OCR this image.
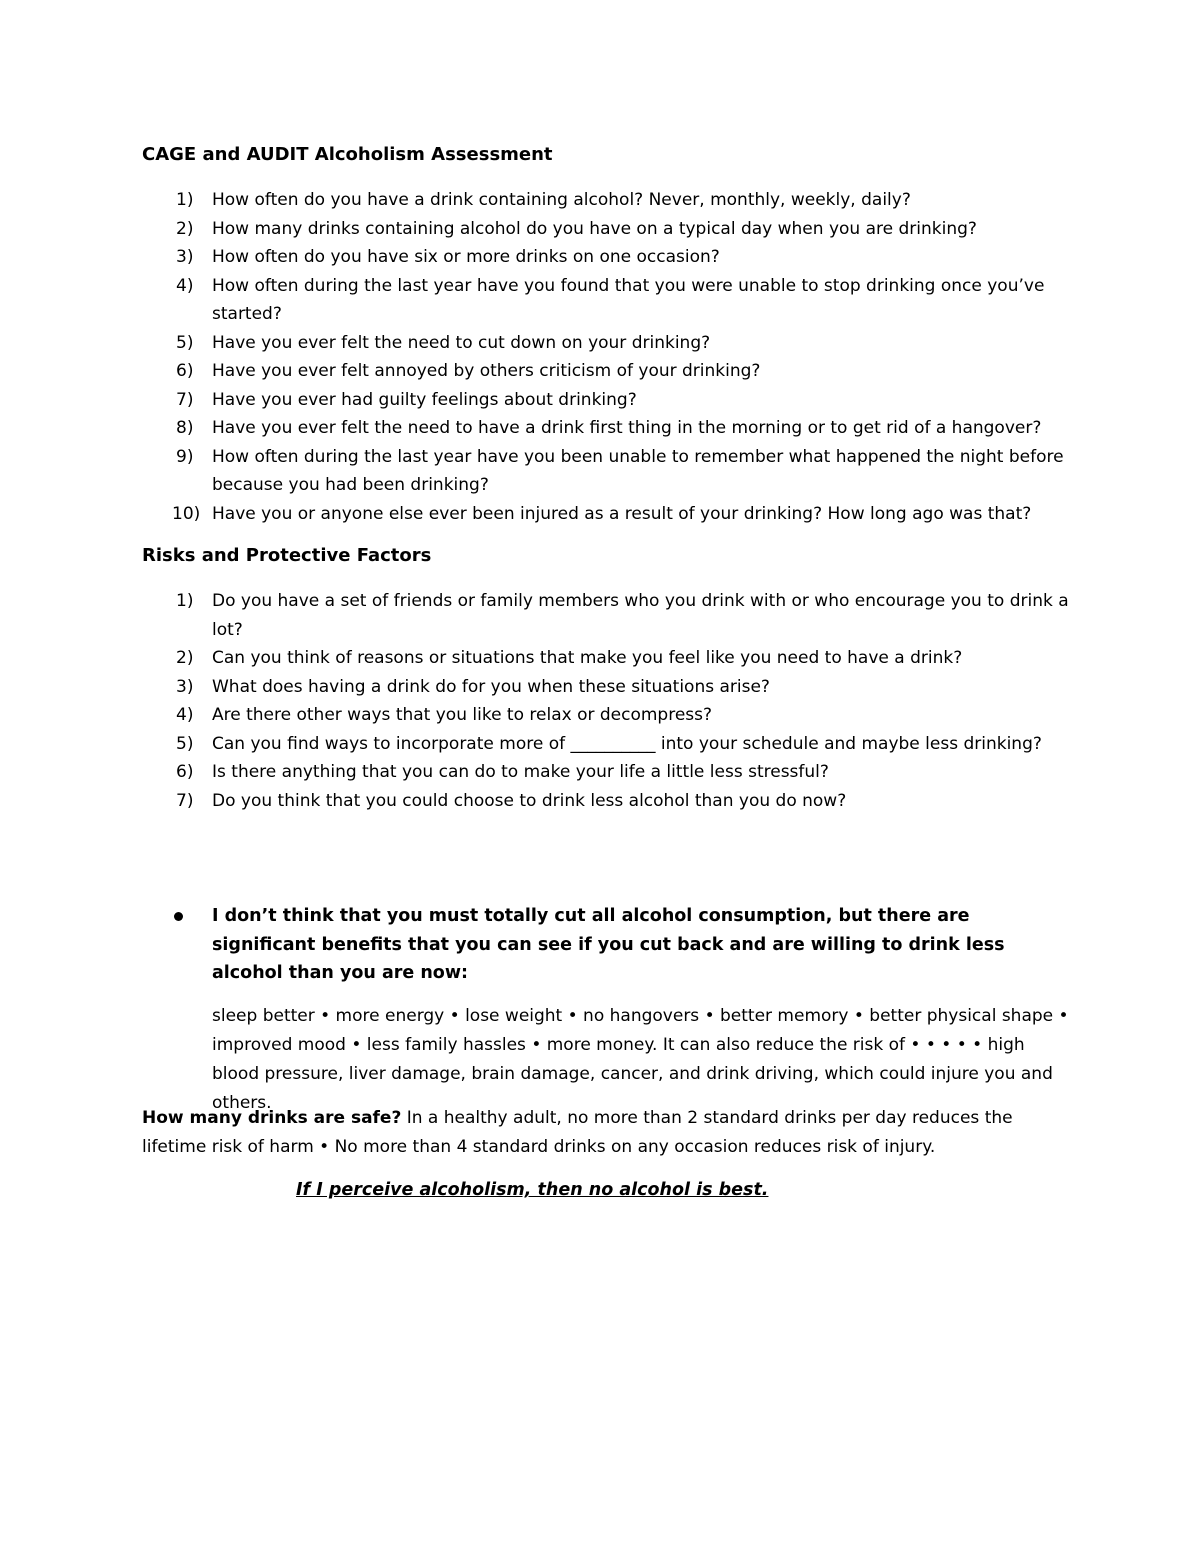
CAGE and AUDIT Alcoholism Assessment
1) How often do you have a drink containing alcohol? Never, monthly, weekly, daily?
2) How many drinks containing alcohol do you have on a typical day when you are drinking?
3) How often do you have six or more drinks on one occasion?
4) How often during the last year have you found that you were unable to stop drinking once you’ve started?
5) Have you ever felt the need to cut down on your drinking?
6) Have you ever felt annoyed by others criticism of your drinking?
7) Have you ever had guilty feelings about drinking?
8) Have you ever felt the need to have a drink first thing in the morning or to get rid of a hangover?
9) How often during the last year have you been unable to remember what happened the night before because you had been drinking?
10) Have you or anyone else ever been injured as a result of your drinking? How long ago was that?
Risks and Protective Factors
1) Do you have a set of friends or family members who you drink with or who encourage you to drink a lot?
2) Can you think of reasons or situations that make you feel like you need to have a drink?
3) What does having a drink do for you when these situations arise?
4) Are there other ways that you like to relax or decompress?
5) Can you find ways to incorporate more of __________ into your schedule and maybe less drinking?
6) Is there anything that you can do to make your life a little less stressful?
7) Do you think that you could choose to drink less alcohol than you do now?
I don’t think that you must totally cut all alcohol consumption, but there are significant benefits that you can see if you cut back and are willing to drink less alcohol than you are now:
sleep better • more energy • lose weight • no hangovers • better memory • better physical shape • improved mood • less family hassles • more money. It can also reduce the risk of • • • • • high blood pressure, liver damage, brain damage, cancer, and drink driving, which could injure you and others.
How many drinks are safe? In a healthy adult, no more than 2 standard drinks per day reduces the lifetime risk of harm • No more than 4 standard drinks on any occasion reduces risk of injury.
If I perceive alcoholism, then no alcohol is best.
